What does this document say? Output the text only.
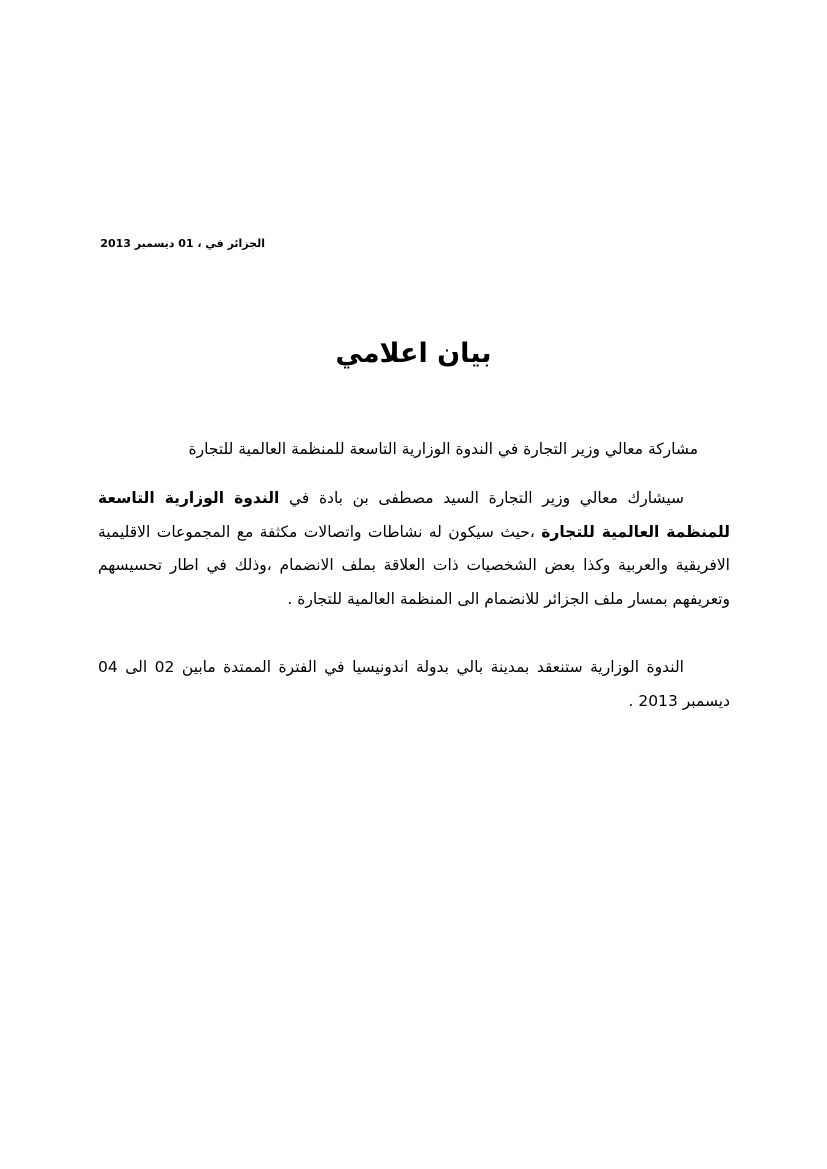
الجزائر في ، 01 ديسمبر 2013
بيان اعلامي
مشاركة معالي وزير التجارة في الندوة الوزارية التاسعة للمنظمة العالمية للتجارة
سيشارك معالي وزير التجارة السيد مصطفى بن بادة في الندوة الوزارية التاسعة للمنظمة العالمية للتجارة ،حيث سيكون له نشاطات واتصالات مكثفة مع المجموعات الاقليمية الافريقية والعربية وكذا بعض الشخصيات ذات العلاقة بملف الانضمام ،وذلك في اطار تحسيسهم وتعريفهم بمسار ملف الجزائر للانضمام الى المنظمة العالمية للتجارة .
الندوة الوزارية ستنعقد بمدينة بالي بدولة اندونيسيا في الفترة الممتدة مابين 02 الى 04 ديسمبر 2013 .
